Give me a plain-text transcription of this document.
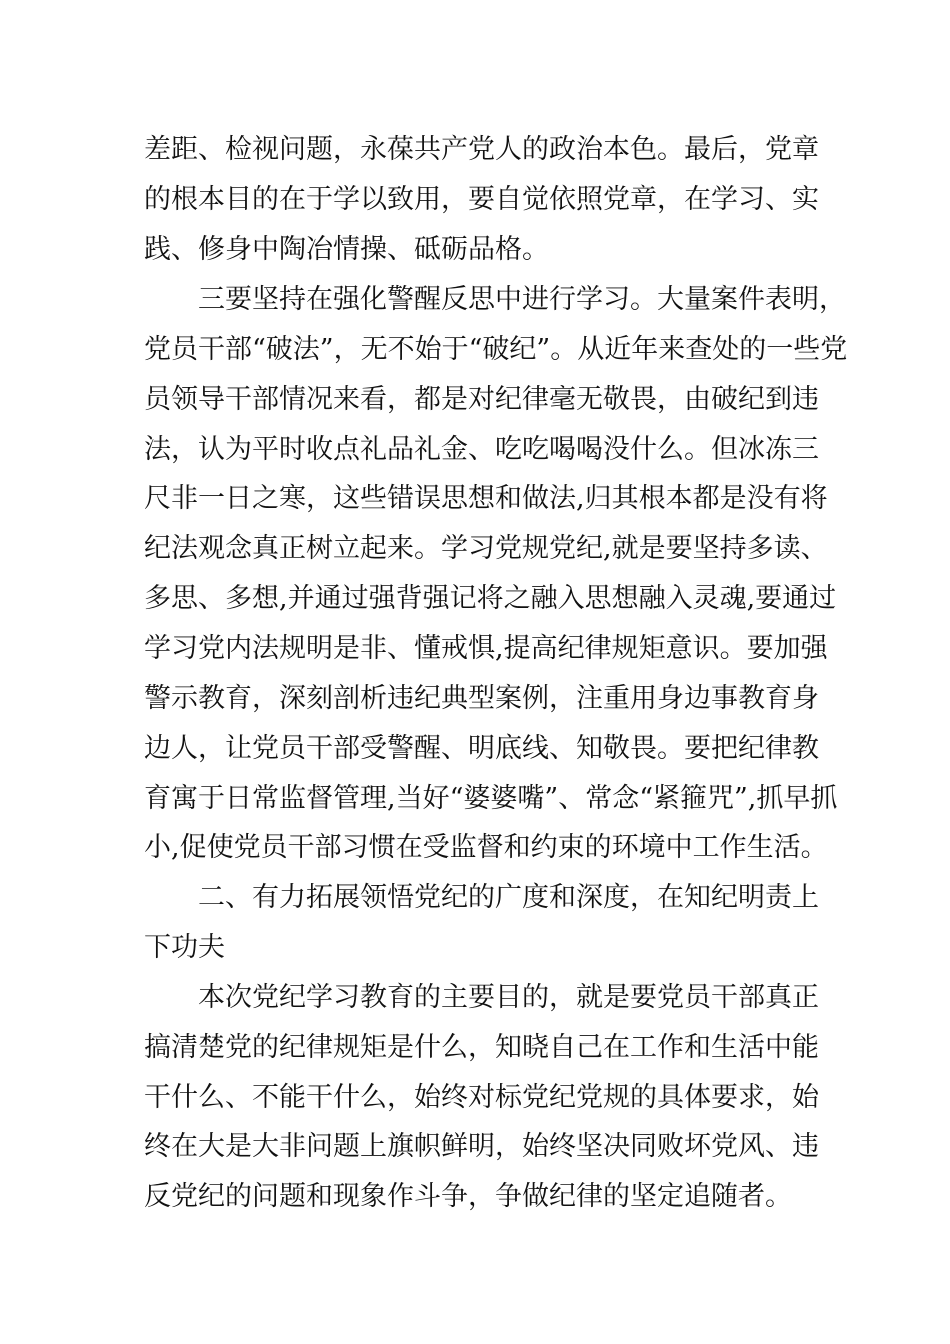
差距、检视问题，永葆共产党人的政治本色。最后，党章
的根本目的在于学以致用，要自觉依照党章，在学习、实
践、修身中陶冶情操、砥砺品格。
三要坚持在强化警醒反思中进行学习。大量案件表明，
党员干部“破法”，无不始于“破纪”。从近年来查处的一些党
员领导干部情况来看，都是对纪律毫无敬畏，由破纪到违
法，认为平时收点礼品礼金、吃吃喝喝没什么。但冰冻三
尺非一日之寒，这些错误思想和做法,归其根本都是没有将
纪法观念真正树立起来。学习党规党纪,就是要坚持多读、
多思、多想,并通过强背强记将之融入思想融入灵魂,要通过
学习党内法规明是非、懂戒惧,提高纪律规矩意识。要加强
警示教育，深刻剖析违纪典型案例，注重用身边事教育身
边人，让党员干部受警醒、明底线、知敬畏。要把纪律教
育寓于日常监督管理,当好“婆婆嘴”、常念“紧箍咒”,抓早抓
小,促使党员干部习惯在受监督和约束的环境中工作生活。
二、有力拓展领悟党纪的广度和深度，在知纪明责上
下功夫
本次党纪学习教育的主要目的，就是要党员干部真正
搞清楚党的纪律规矩是什么，知晓自己在工作和生活中能
干什么、不能干什么，始终对标党纪党规的具体要求，始
终在大是大非问题上旗帜鲜明，始终坚决同败坏党风、违
反党纪的问题和现象作斗争，争做纪律的坚定追随者。
